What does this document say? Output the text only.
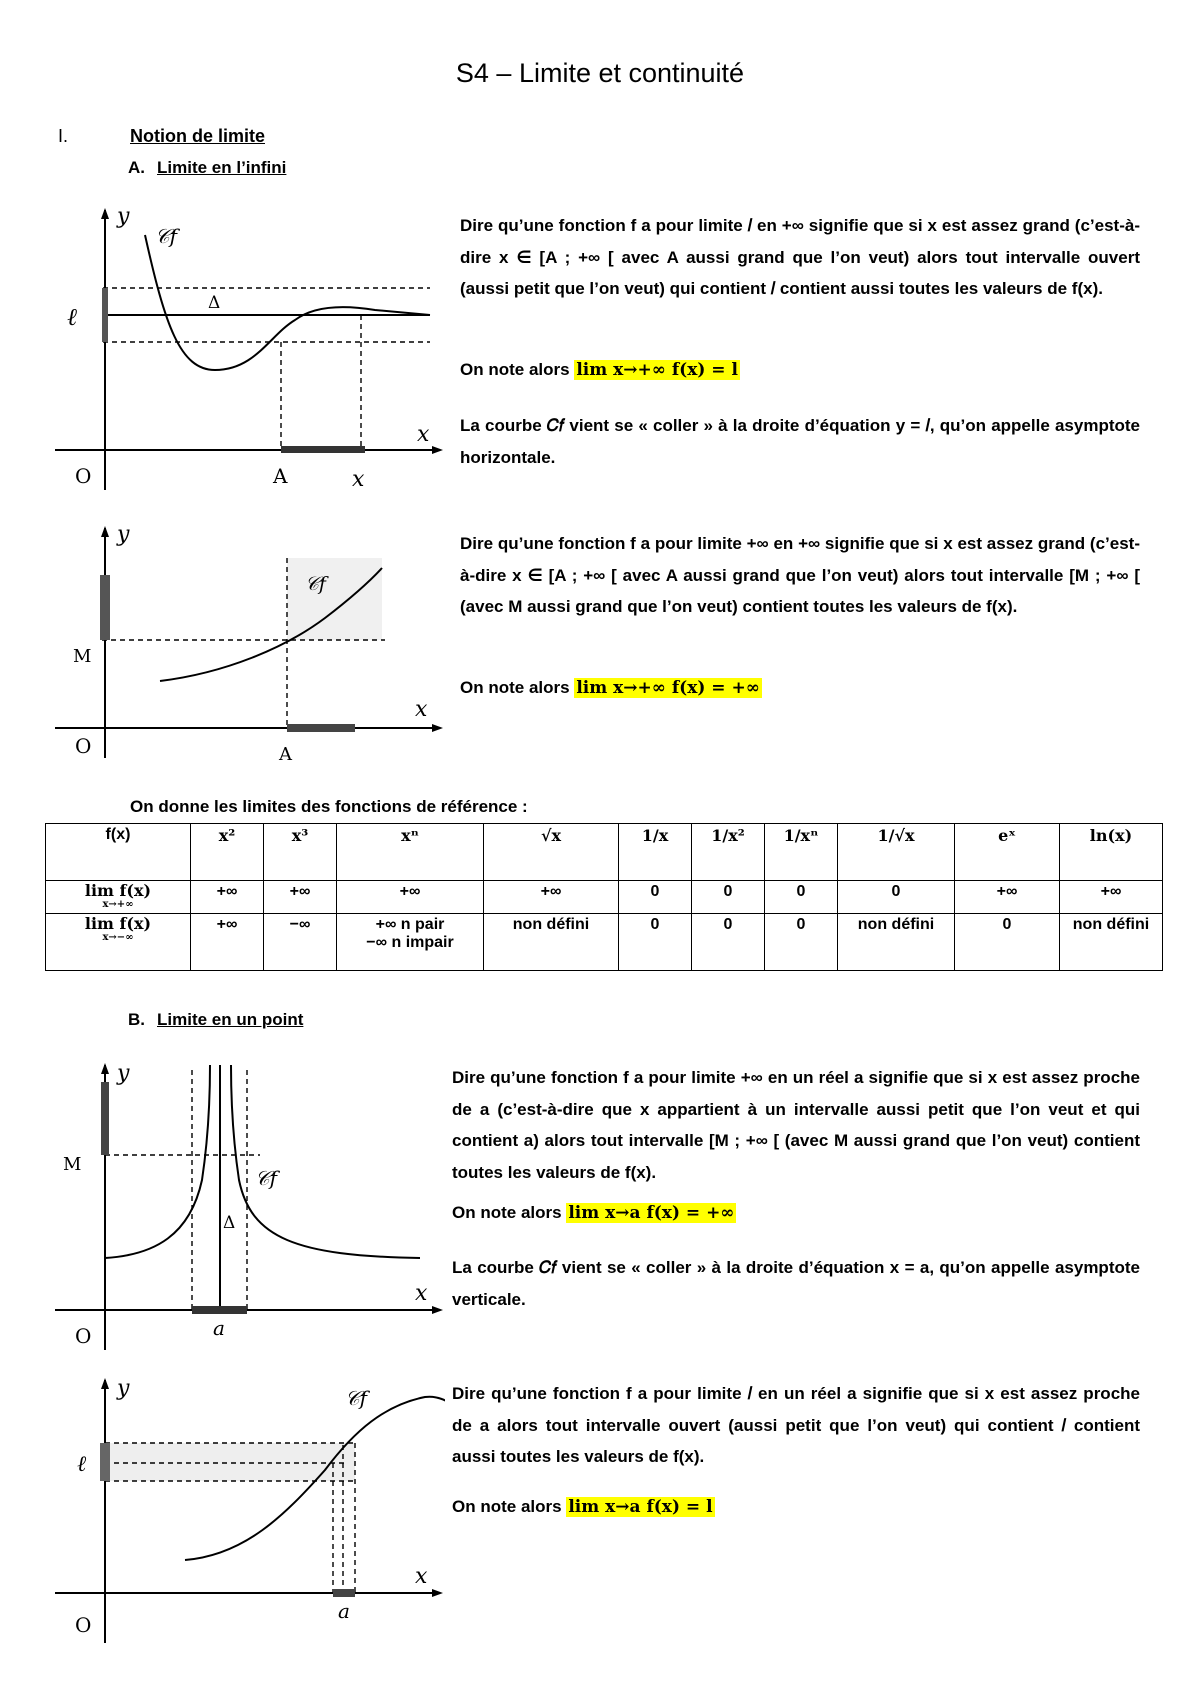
S4 – Limite et continuité
I.	Notion de limite
A. Limite en l’infini
y
𝒞f
ℓ	Δ
O	A	x
x
Dire qu’une fonction f a pour limite 𝑙 en +∞ signifie que si x est assez grand (c’est-à-dire x ∈ [A ; +∞ [ avec A aussi grand que l’on veut) alors tout intervalle ouvert (aussi petit que l’on veut) qui contient 𝑙 contient aussi toutes les valeurs de f(x).
On note alors lim x→+∞ f(x) = l
La courbe 𝐶𝑓 vient se « coller » à la droite d’équation y = 𝑙, qu’on appelle asymptote horizontale.
y
𝒞f
M
O	A
x
Dire qu’une fonction f a pour limite +∞ en +∞ signifie que si x est assez grand (c’est-à-dire x ∈ [A ; +∞ [ avec A aussi grand que l’on veut) alors tout intervalle [M ; +∞ [ (avec M aussi grand que l’on veut) contient toutes les valeurs de f(x).
On note alors lim x→+∞ f(x) = +∞
On donne les limites des fonctions de référence :
f(x)	x²	x³	xⁿ	√x	1/x	1/x²	1/xⁿ	1/√x	eˣ	ln(x)
lim f(x)
x→+∞	+∞	+∞	+∞	+∞	0	0	0	0	+∞	+∞
lim f(x)
x→−∞	+∞	−∞	+∞ n pair
−∞ n impair	non défini	0	0	0	non défini	0	non défini
B. Limite en un point
y
𝒞f
M
Δ
O	a
x
Dire qu’une fonction f a pour limite +∞ en un réel a signifie que si x est assez proche de a (c’est-à-dire que x appartient à un intervalle aussi petit que l’on veut et qui contient a) alors tout intervalle [M ; +∞ [ (avec M aussi grand que l’on veut) contient toutes les valeurs de f(x).
On note alors lim x→a f(x) = +∞
La courbe 𝐶𝑓 vient se « coller » à la droite d’équation x = a, qu’on appelle asymptote verticale.
y	𝒞f
ℓ
O
a
x
Dire qu’une fonction f a pour limite 𝑙 en un réel a signifie que si x est assez proche de a alors tout intervalle ouvert (aussi petit que l’on veut) qui contient 𝑙 contient aussi toutes les valeurs de f(x).
On note alors lim x→a f(x) = l
